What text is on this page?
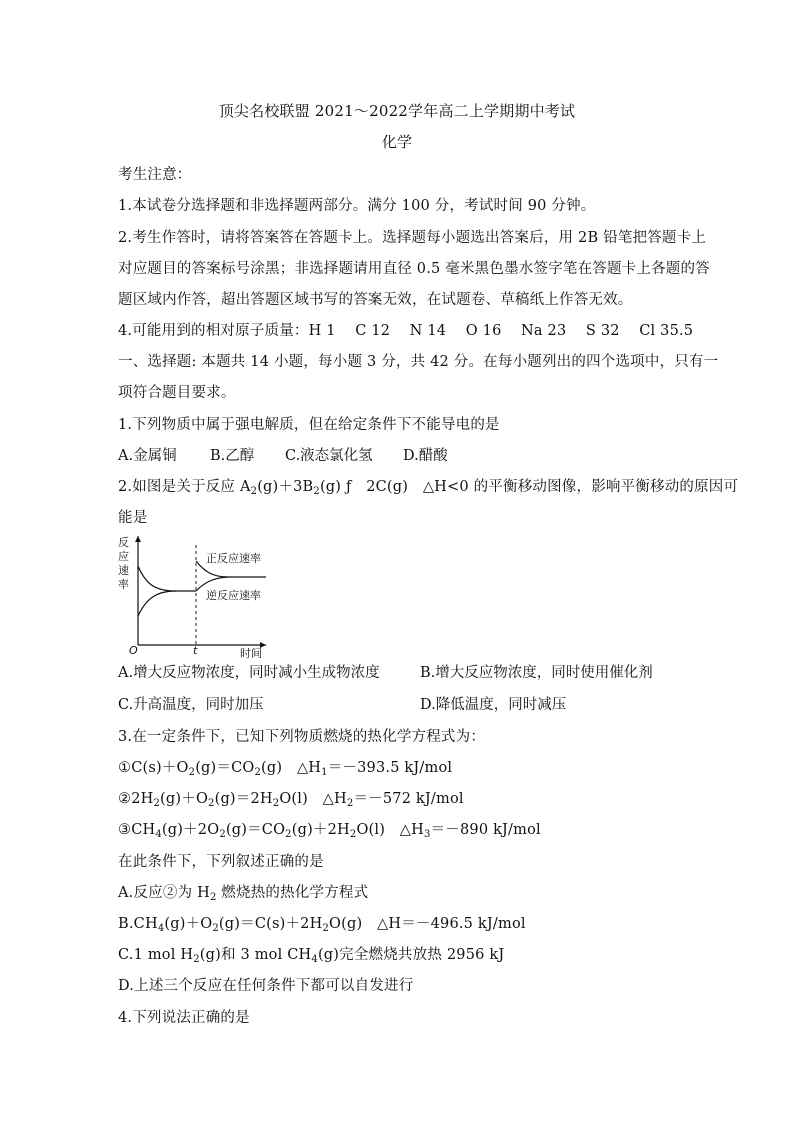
顶尖名校联盟 2021～2022学年高二上学期期中考试
化学
考生注意：
1.本试卷分选择题和非选择题两部分。满分 100 分，考试时间 90 分钟。
2.考生作答时，请将答案答在答题卡上。选择题每小题选出答案后，用 2B 铅笔把答题卡上
对应题目的答案标号涂黑；非选择题请用直径 0.5 毫米黑色墨水签字笔在答题卡上各题的答
题区域内作答，超出答题区域书写的答案无效，在试题卷、草稿纸上作答无效。
4.可能用到的相对原子质量：H 1　 C 12　 N 14　 O 16　 Na 23　 S 32　 Cl 35.5
一、选择题: 本题共 14 小题，每小题 3 分，共 42 分。在每小题列出的四个选项中，只有一
项符合题目要求。
1.下列物质中属于强电解质，但在给定条件下不能导电的是
A.金属铜 B.乙醇 C.液态氯化氢 D.醋酸
2.如图是关于反应 $A_2(g)+3B_2(g)$ ƒ　2C(g)　△H<0 的平衡移动图像，影响平衡移动的原因可
能是
反
应
速
率
O	t	时间
正反应速率
逆反应速率
A.增大反应物浓度，同时减小生成物浓度	B.增大反应物浓度，同时使用催化剂
C.升高温度，同时加压	D.降低温度，同时减压
3.在一定条件下，已知下列物质燃烧的热化学方程式为：
$①C(s)+O_2(g)=CO_2(g)$　$\triangle H_1=-393.5$ kJ/mol
$②2H_2(g)+O_2(g)=2H_2O(l)$　$\triangle H_2=-572$ kJ/mol
$③CH_4(g)+2O_2(g)=CO_2(g)+2H_2O(l)$　$\triangle H_3=-890$ kJ/mol
在此条件下，下列叙述正确的是
A.反应②为 $H_2$ 燃烧热的热化学方程式
$B.CH_4(g)+O_2(g)=C(s)+2H_2O(g)$　△H＝－496.5 kJ/mol
C.1 mol $H_2(g)$和 3 mol $CH_4(g)$完全燃烧共放热 2956 kJ
D.上述三个反应在任何条件下都可以自发进行
4.下列说法正确的是
